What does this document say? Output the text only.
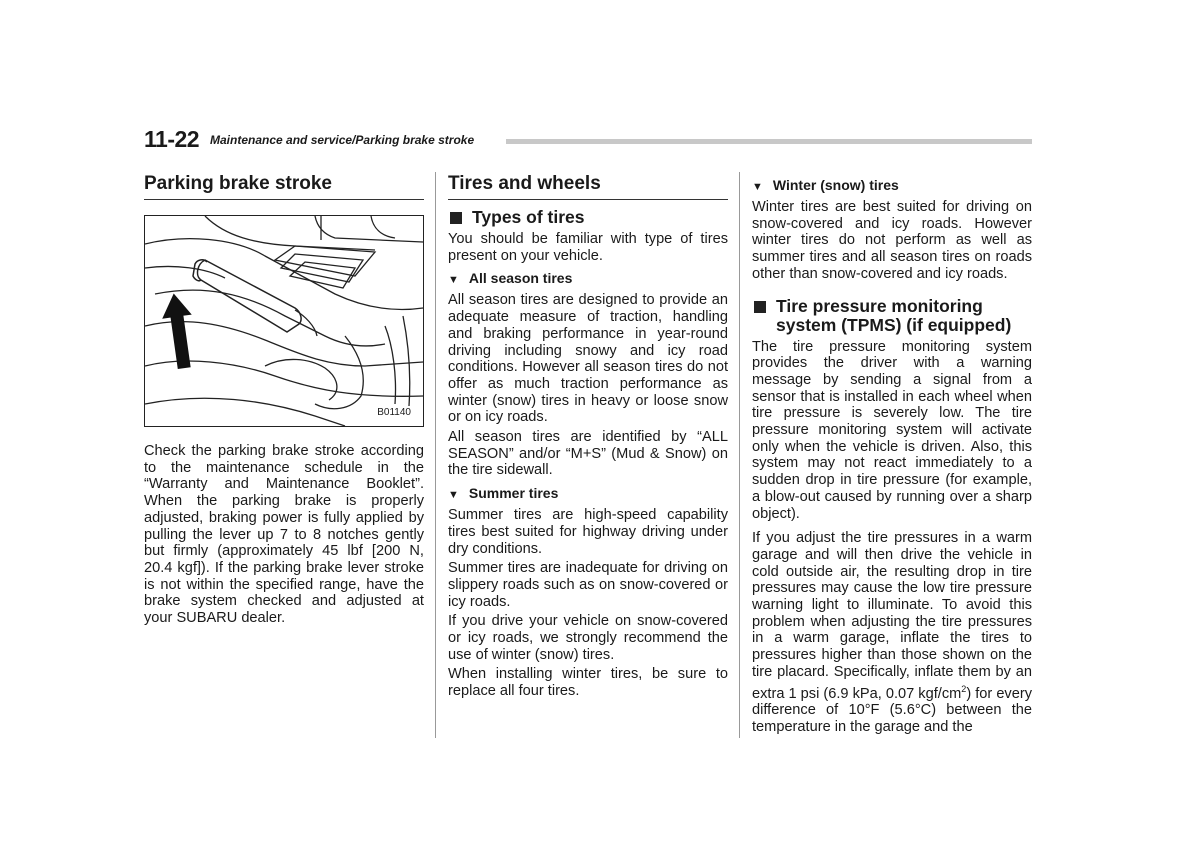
11-22 Maintenance and service/Parking brake stroke
Parking brake stroke
B01140

Check the parking brake stroke according to the maintenance schedule in the “Warranty and Maintenance Booklet”. When the parking brake is properly adjusted, braking power is fully applied by pulling the lever up 7 to 8 notches gently but firmly (approximately 45 lbf [200 N, 20.4 kgf]). If the parking brake lever stroke is not within the specified range, have the brake system checked and adjusted at your SUBARU dealer.

Tires and wheels
Types of tires

You should be familiar with type of tires present on your vehicle.

▼ All season tires

All season tires are designed to provide an adequate measure of traction, handling and braking performance in year-round driving including snowy and icy road conditions. However all season tires do not offer as much traction performance as winter (snow) tires in heavy or loose snow or on icy roads.

All season tires are identified by “ALL SEASON” and/or “M+S” (Mud & Snow) on the tire sidewall.

▼ Summer tires

Summer tires are high-speed capability tires best suited for highway driving under dry conditions.

Summer tires are inadequate for driving on slippery roads such as on snow-covered or icy roads.

If you drive your vehicle on snow-covered or icy roads, we strongly recommend the use of winter (snow) tires.

When installing winter tires, be sure to replace all four tires.

▼ Winter (snow) tires

Winter tires are best suited for driving on snow-covered and icy roads. However winter tires do not perform as well as summer tires and all season tires on roads other than snow-covered and icy roads.

Tire pressure monitoring
system (TPMS) (if equipped)

The tire pressure monitoring system provides the driver with a warning message by sending a signal from a sensor that is installed in each wheel when tire pressure is severely low. The tire pressure monitoring system will activate only when the vehicle is driven. Also, this system may not react immediately to a sudden drop in tire pressure (for example, a blow-out caused by running over a sharp object).

If you adjust the tire pressures in a warm garage and will then drive the vehicle in cold outside air, the resulting drop in tire pressures may cause the low tire pressure warning light to illuminate. To avoid this problem when adjusting the tire pressures in a warm garage, inflate the tires to pressures higher than those shown on the tire placard. Specifically, inflate them by an extra 1 psi (6.9 kPa, 0.07 kgf/$cm^2$) for every difference of 10°F (5.6°C) between the temperature in the garage and the
